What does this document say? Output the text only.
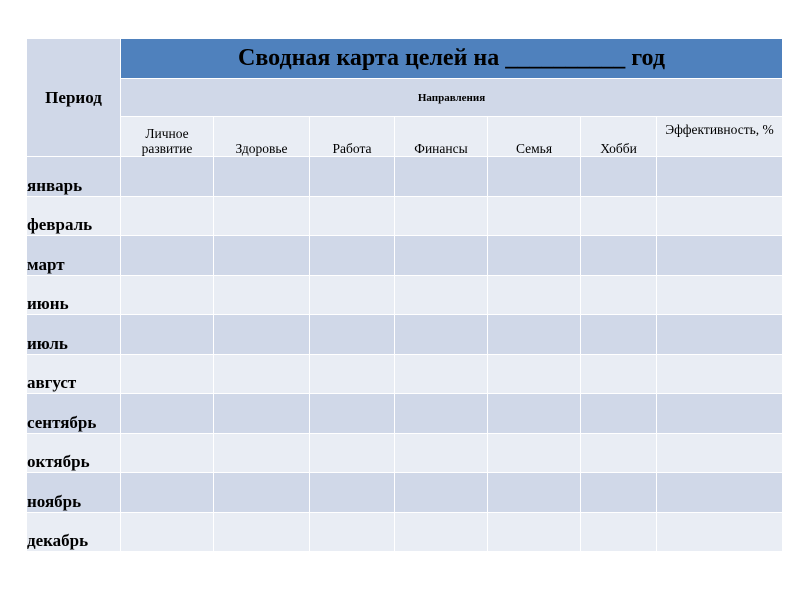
Период	Сводная карта целей на __________ год						
	Направления						
	Личное развитие	Здоровье	Работа	Финансы	Семья	Хобби	Эффективность, %
январь							
февраль							
март							
июнь							
июль							
август							
сентябрь							
октябрь							
ноябрь							
декабрь							
